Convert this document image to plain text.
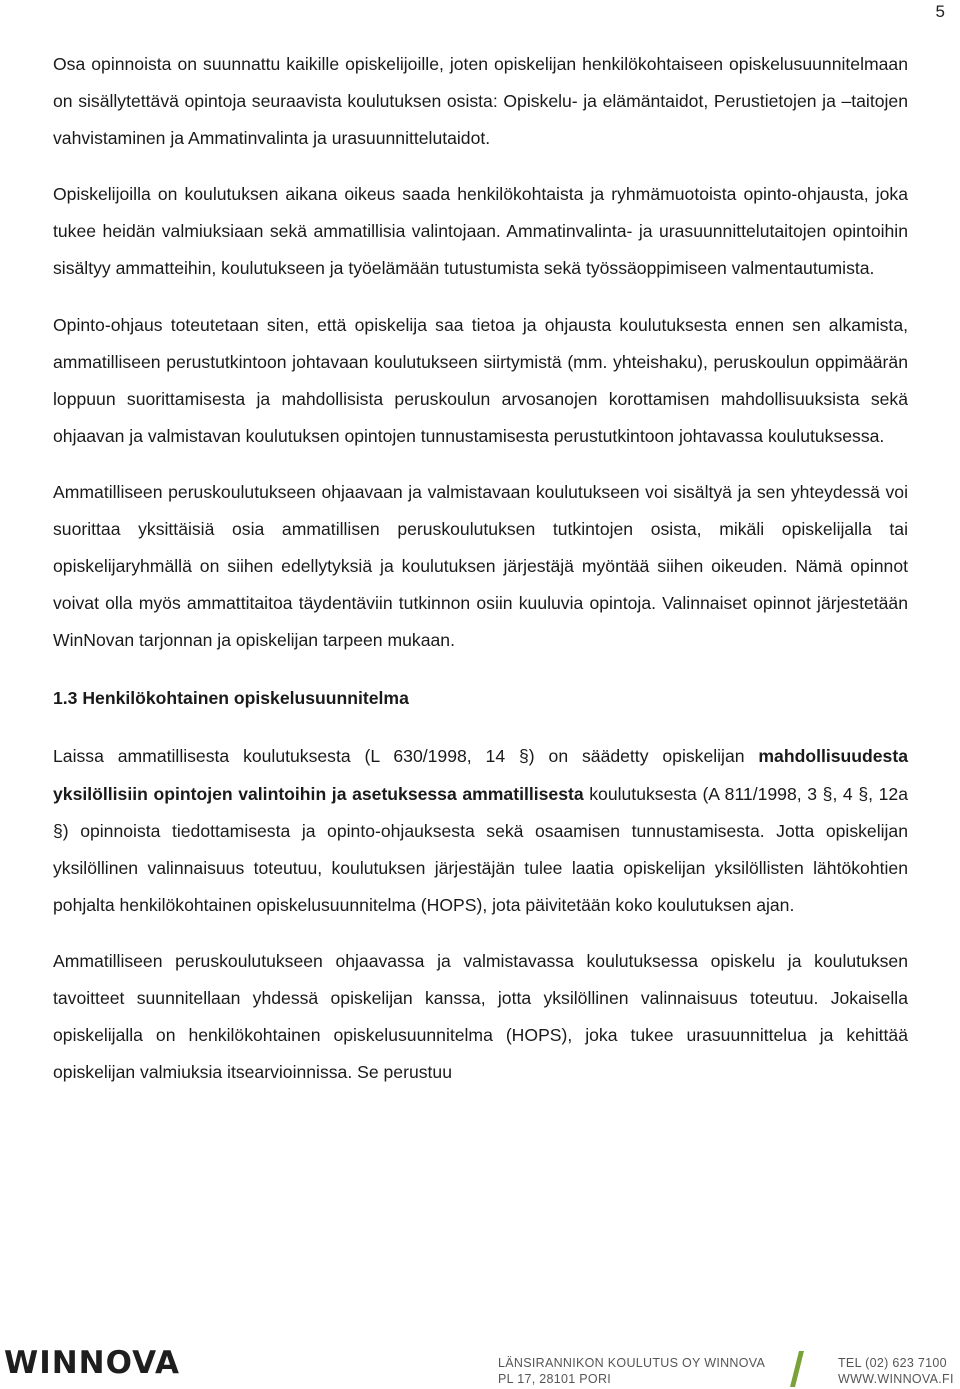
5

Osa opinnoista on suunnattu kaikille opiskelijoille, joten opiskelijan henkilökohtaiseen opiskelusuunnitelmaan on sisällytettävä opintoja seuraavista koulutuksen osista: Opiskelu- ja elämäntaidot, Perustietojen ja –taitojen vahvistaminen ja Ammatinvalinta ja urasuunnittelutaidot.

Opiskelijoilla on koulutuksen aikana oikeus saada henkilökohtaista ja ryhmämuotoista opinto-ohjausta, joka tukee heidän valmiuksiaan sekä ammatillisia valintojaan. Ammatinvalinta- ja urasuunnittelutaitojen opintoihin sisältyy ammatteihin, koulutukseen ja työelämään tutustumista sekä työssäoppimiseen valmentautumista.

Opinto-ohjaus toteutetaan siten, että opiskelija saa tietoa ja ohjausta koulutuksesta ennen sen alkamista, ammatilliseen perustutkintoon johtavaan koulutukseen siirtymistä (mm. yhteishaku), peruskoulun oppimäärän loppuun suorittamisesta ja mahdollisista peruskoulun arvosanojen korottamisen mahdollisuuksista sekä ohjaavan ja valmistavan koulutuksen opintojen tunnustamisesta perustutkintoon johtavassa koulutuksessa.

Ammatilliseen peruskoulutukseen ohjaavaan ja valmistavaan koulutukseen voi sisältyä ja sen yhteydessä voi suorittaa yksittäisiä osia ammatillisen peruskoulutuksen tutkintojen osista, mikäli opiskelijalla tai opiskelijaryhmällä on siihen edellytyksiä ja koulutuksen järjestäjä myöntää siihen oikeuden. Nämä opinnot voivat olla myös ammattitaitoa täydentäviin tutkinnon osiin kuuluvia opintoja. Valinnaiset opinnot järjestetään WinNovan tarjonnan ja opiskelijan tarpeen mukaan.

1.3 Henkilökohtainen opiskelusuunnitelma

Laissa ammatillisesta koulutuksesta (L 630/1998, 14 §) on säädetty opiskelijan mahdollisuudesta yksilöllisiin opintojen valintoihin ja asetuksessa ammatillisesta koulutuksesta (A 811/1998, 3 §, 4 §, 12a §) opinnoista tiedottamisesta ja opinto-ohjauksesta sekä osaamisen tunnustamisesta. Jotta opiskelijan yksilöllinen valinnaisuus toteutuu, koulutuksen järjestäjän tulee laatia opiskelijan yksilöllisten lähtökohtien pohjalta henkilökohtainen opiskelusuunnitelma (HOPS), jota päivitetään koko koulutuksen ajan.

Ammatilliseen peruskoulutukseen ohjaavassa ja valmistavassa koulutuksessa opiskelu ja koulutuksen tavoitteet suunnitellaan yhdessä opiskelijan kanssa, jotta yksilöllinen valinnaisuus toteutuu. Jokaisella opiskelijalla on henkilökohtainen opiskelusuunnitelma (HOPS), joka tukee urasuunnittelua ja kehittää opiskelijan valmiuksia itsearvioinnissa. Se perustuu

WINNOVA	LÄNSIRANNIKON KOULUTUS OY WINNOVA
PL 17, 28101 PORI
TEL (02) 623 7100
WWW.WINNOVA.FI
